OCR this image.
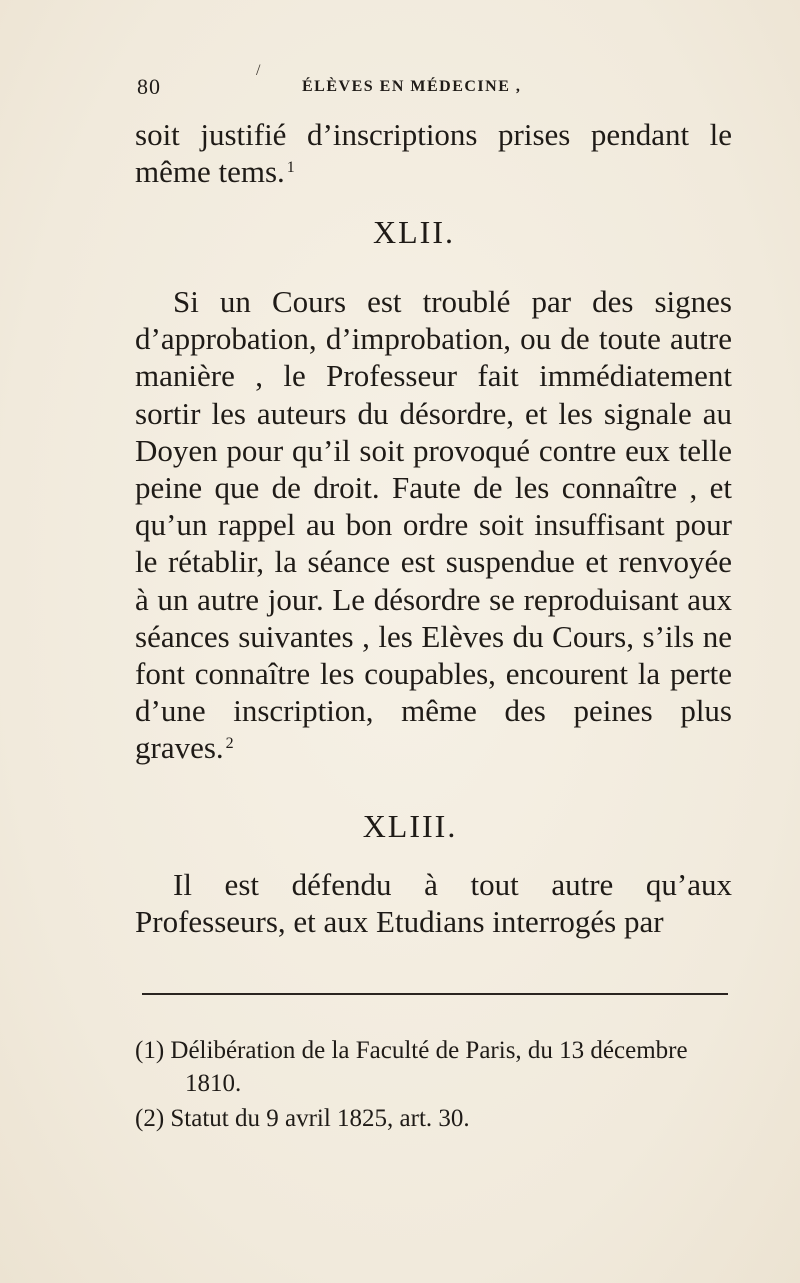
/
80	ÉLÈVES EN MÉDECINE ,

soit justifié d’inscriptions prises pendant le même tems. $^1$

XLII.

Si un Cours est troublé par des signes d’approbation, d’improbation, ou de toute autre manière , le Professeur fait immédiatement sortir les auteurs du désordre, et les signale au Doyen pour qu’il soit provoqué contre eux telle peine que de droit. Faute de les connaître , et qu’un rappel au bon ordre soit insuffisant pour le rétablir, la séance est suspendue et renvoyée à un autre jour. Le désordre se reproduisant aux séances suivantes , les Elèves du Cours, s’ils ne font connaître les coupables, encourent la perte d’une inscription, même des peines plus graves. $^2$

XLIII.

Il est défendu à tout autre qu’aux Professeurs, et aux Etudians interrogés par

(1) Délibération de la Faculté de Paris, du 13 décembre 1810.

(2) Statut du 9 avril 1825, art. 30.
